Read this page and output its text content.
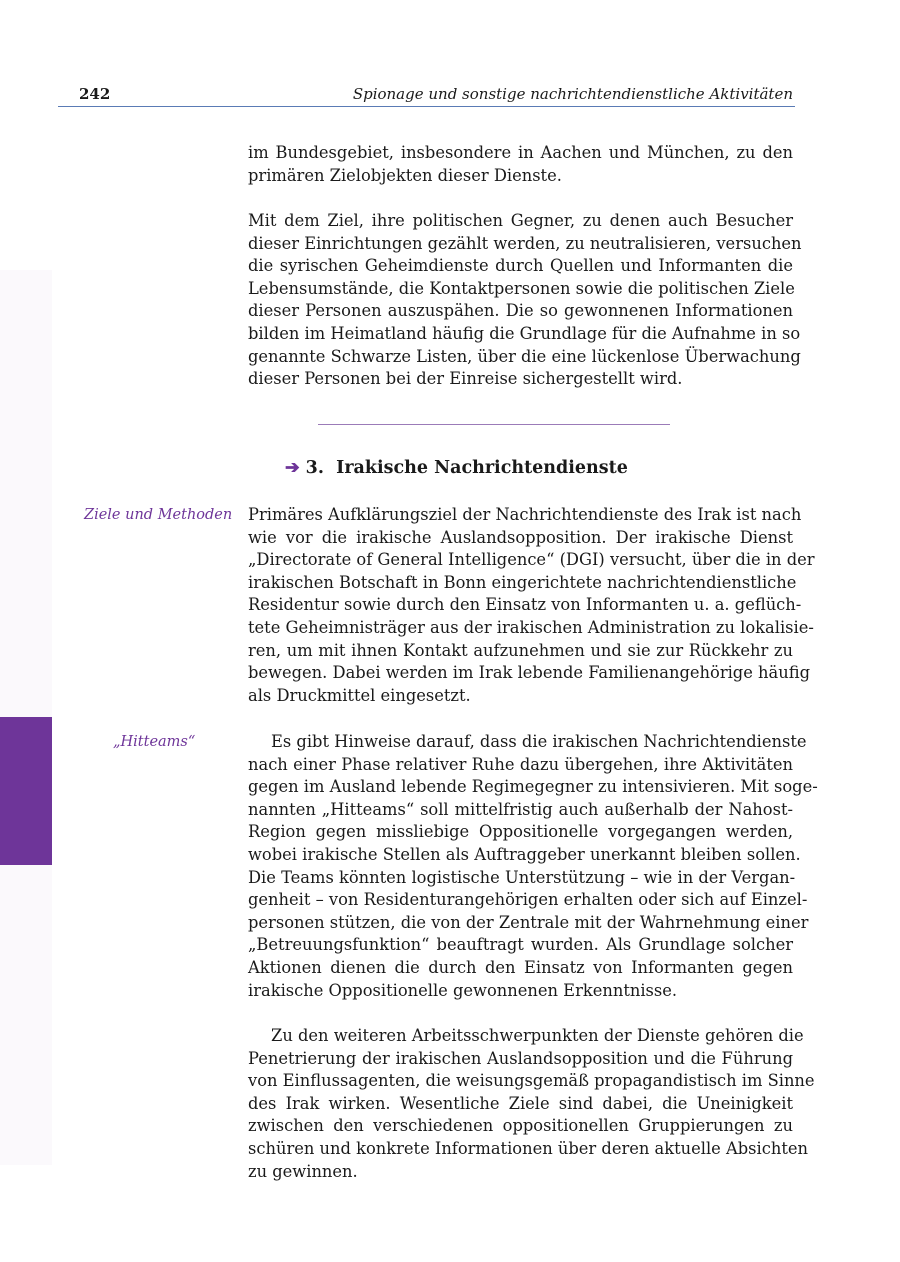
242	Spionage und sonstige nachrichtendienstliche Aktivitäten
im Bundesgebiet, insbesondere in Aachen und München, zu den
primären Zielobjekten dieser Dienste.
Mit dem Ziel, ihre politischen Gegner, zu denen auch Besucher
dieser Einrichtungen gezählt werden, zu neutralisieren, versuchen
die syrischen Geheimdienste durch Quellen und Informanten die
Lebensumstände, die Kontaktpersonen sowie die politischen Ziele
dieser Personen auszuspähen. Die so gewonnenen Informationen
bilden im Heimatland häufig die Grundlage für die Aufnahme in so
genannte Schwarze Listen, über die eine lückenlose Überwachung
dieser Personen bei der Einreise sichergestellt wird.
➔ 3. Irakische Nachrichtendienste
Ziele und Methoden
„Hitteams“
Primäres Aufklärungsziel der Nachrichtendienste des Irak ist nach
wie vor die irakische Auslandsopposition. Der irakische Dienst
„Directorate of General Intelligence“ (DGI) versucht, über die in der
irakischen Botschaft in Bonn eingerichtete nachrichtendienstliche
Residentur sowie durch den Einsatz von Informanten u. a. geflüch-
tete Geheimnisträger aus der irakischen Administration zu lokalisie-
ren, um mit ihnen Kontakt aufzunehmen und sie zur Rückkehr zu
bewegen. Dabei werden im Irak lebende Familienangehörige häufig
als Druckmittel eingesetzt.
Es gibt Hinweise darauf, dass die irakischen Nachrichtendienste
nach einer Phase relativer Ruhe dazu übergehen, ihre Aktivitäten
gegen im Ausland lebende Regimegegner zu intensivieren. Mit soge-
nannten „Hitteams“ soll mittelfristig auch außerhalb der Nahost-
Region gegen missliebige Oppositionelle vorgegangen werden,
wobei irakische Stellen als Auftraggeber unerkannt bleiben sollen.
Die Teams könnten logistische Unterstützung – wie in der Vergan-
genheit – von Residenturangehörigen erhalten oder sich auf Einzel-
personen stützen, die von der Zentrale mit der Wahrnehmung einer
„Betreuungsfunktion“ beauftragt wurden. Als Grundlage solcher
Aktionen dienen die durch den Einsatz von Informanten gegen
irakische Oppositionelle gewonnenen Erkenntnisse.
Zu den weiteren Arbeitsschwerpunkten der Dienste gehören die
Penetrierung der irakischen Auslandsopposition und die Führung
von Einflussagenten, die weisungsgemäß propagandistisch im Sinne
des Irak wirken. Wesentliche Ziele sind dabei, die Uneinigkeit
zwischen den verschiedenen oppositionellen Gruppierungen zu
schüren und konkrete Informationen über deren aktuelle Absichten
zu gewinnen.
